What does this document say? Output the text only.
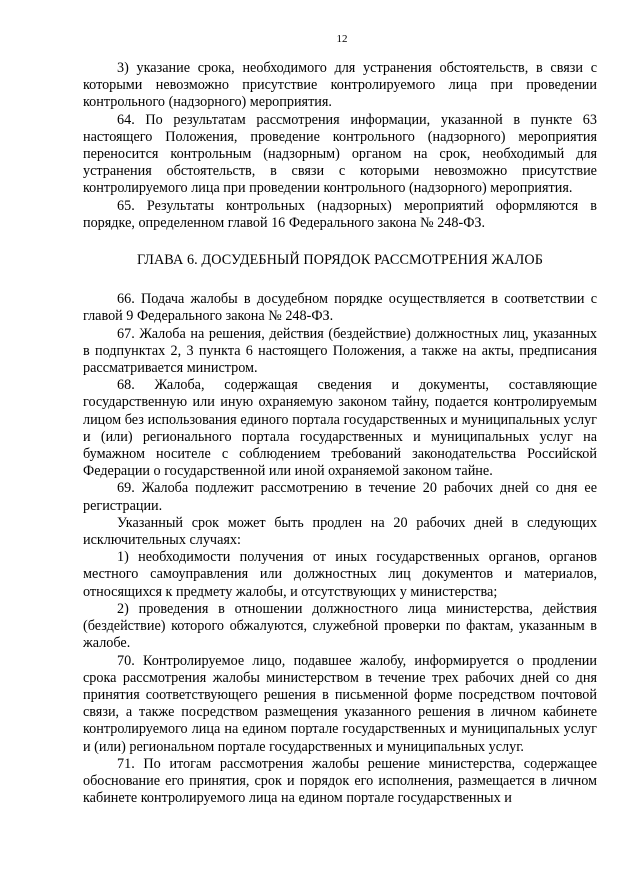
12

3) указание срока, необходимого для устранения обстоятельств, в связи с которыми невозможно присутствие контролируемого лица при проведении контрольного (надзорного) мероприятия.

64. По результатам рассмотрения информации, указанной в пункте 63 настоящего Положения, проведение контрольного (надзорного) мероприятия переносится контрольным (надзорным) органом на срок, необходимый для устранения обстоятельств, в связи с которыми невозможно присутствие контролируемого лица при проведении контрольного (надзорного) мероприятия.

65. Результаты контрольных (надзорных) мероприятий оформляются в порядке, определенном главой 16 Федерального закона № 248-ФЗ.

ГЛАВА 6. ДОСУДЕБНЫЙ ПОРЯДОК РАССМОТРЕНИЯ ЖАЛОБ

66. Подача жалобы в досудебном порядке осуществляется в соответствии с главой 9 Федерального закона № 248-ФЗ.

67. Жалоба на решения, действия (бездействие) должностных лиц, указанных в подпунктах 2, 3 пункта 6 настоящего Положения, а также на акты, предписания рассматривается министром.

68. Жалоба, содержащая сведения и документы, составляющие государственную или иную охраняемую законом тайну, подается контролируемым лицом без использования единого портала государственных и муниципальных услуг и (или) регионального портала государственных и муниципальных услуг на бумажном носителе с соблюдением требований законодательства Российской Федерации о государственной или иной охраняемой законом тайне.

69. Жалоба подлежит рассмотрению в течение 20 рабочих дней со дня ее регистрации.

Указанный срок может быть продлен на 20 рабочих дней в следующих исключительных случаях:

1) необходимости получения от иных государственных органов, органов местного самоуправления или должностных лиц документов и материалов, относящихся к предмету жалобы, и отсутствующих у министерства;

2) проведения в отношении должностного лица министерства, действия (бездействие) которого обжалуются, служебной проверки по фактам, указанным в жалобе.

70. Контролируемое лицо, подавшее жалобу, информируется о продлении срока рассмотрения жалобы министерством в течение трех рабочих дней со дня принятия соответствующего решения в письменной форме посредством почтовой связи, а также посредством размещения указанного решения в личном кабинете контролируемого лица на едином портале государственных и муниципальных услуг и (или) региональном портале государственных и муниципальных услуг.

71. По итогам рассмотрения жалобы решение министерства, содержащее обоснование его принятия, срок и порядок его исполнения, размещается в личном кабинете контролируемого лица на едином портале государственных и
